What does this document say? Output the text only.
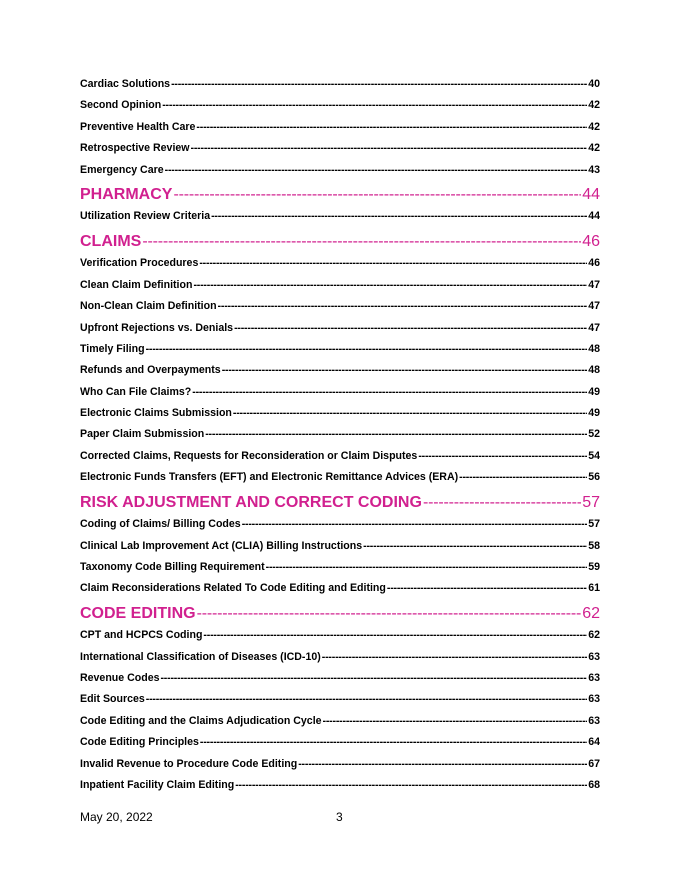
Cardiac Solutions -----	40
Second Opinion -----	42
Preventive Health Care -----	42
Retrospective Review -----	42
Emergency Care -----	43
PHARMACY -----	44
Utilization Review Criteria -----	44
CLAIMS -----	46
Verification Procedures -----	46
Clean Claim Definition -----	47
Non-Clean Claim Definition -----	47
Upfront Rejections vs. Denials -----	47
Timely Filing -----	48
Refunds and Overpayments -----	48
Who Can File Claims? -----	49
Electronic Claims Submission -----	49
Paper Claim Submission -----	52
Corrected Claims, Requests for Reconsideration or Claim Disputes -----	54
Electronic Funds Transfers (EFT) and Electronic Remittance Advices (ERA) -----	56
RISK ADJUSTMENT AND CORRECT CODING -----	57
Coding of Claims/ Billing Codes -----	57
Clinical Lab Improvement Act (CLIA) Billing Instructions -----	58
Taxonomy Code Billing Requirement -----	59
Claim Reconsiderations Related To Code Editing and Editing -----	61
CODE EDITING -----	62
CPT and HCPCS Coding -----	62
International Classification of Diseases (ICD-10) -----	63
Revenue Codes -----	63
Edit Sources -----	63
Code Editing and the Claims Adjudication Cycle -----	63
Code Editing Principles -----	64
Invalid Revenue to Procedure Code Editing -----	67
Inpatient Facility Claim Editing -----	68
May 20, 2022	3
